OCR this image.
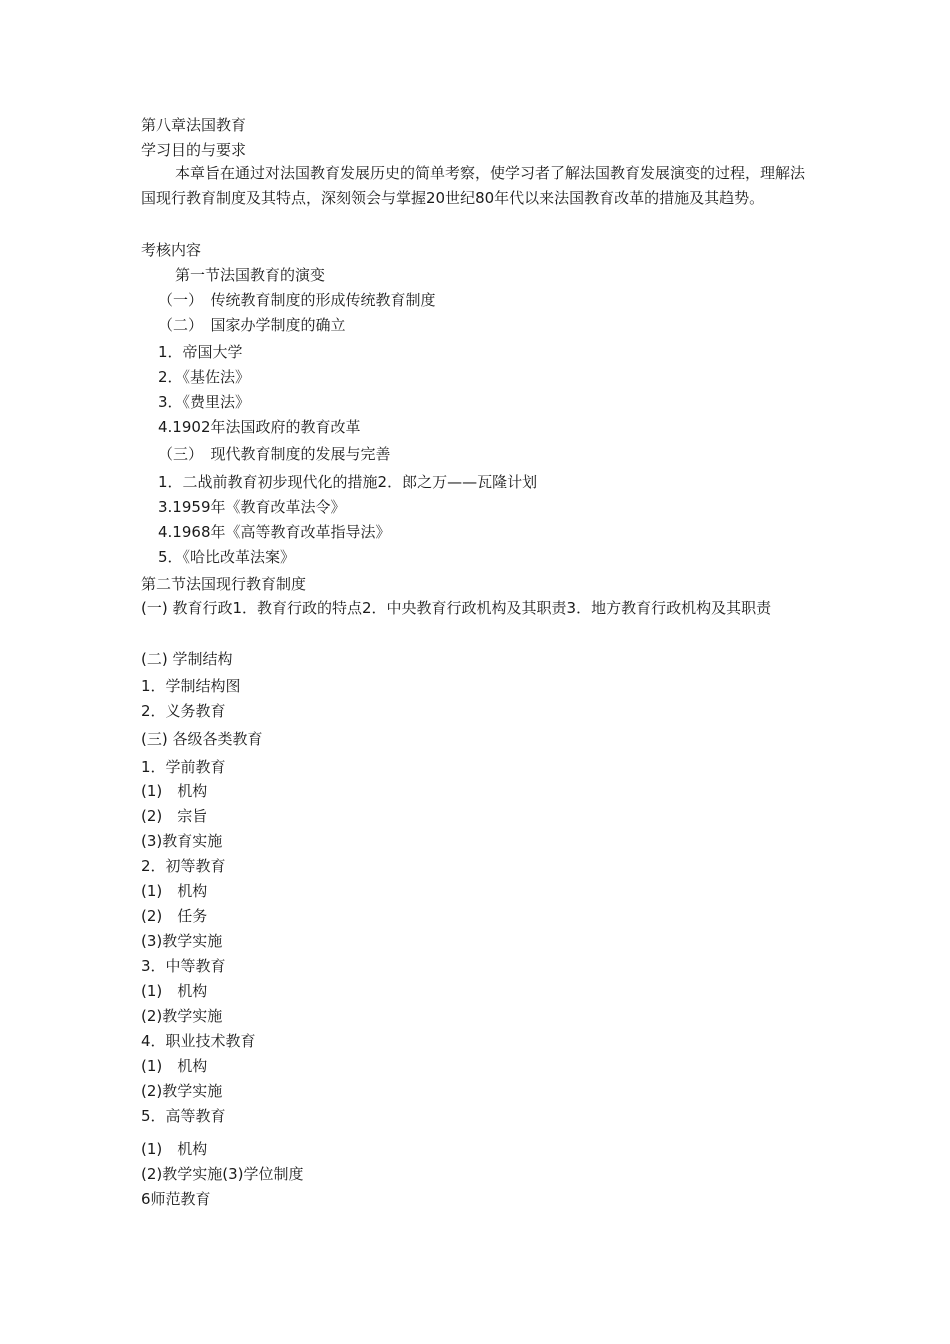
第八章法国教育
学习目的与要求
本章旨在通过对法国教育发展历史的简单考察，使学习者了解法国教育发展演变的过程，理解法国现行教育制度及其特点，深刻领会与掌握20世纪80年代以来法国教育改革的措施及其趋势。
考核内容
第一节法国教育的演变
（一）　传统教育制度的形成传统教育制度
（二）　国家办学制度的确立
1．帝国大学
2．《基佐法》
3．《费里法》
4.1902年法国政府的教育改革
（三）　现代教育制度的发展与完善
1．二战前教育初步现代化的措施2．郎之万——瓦隆计划
3.1959年《教育改革法令》
4.1968年《高等教育改革指导法》
5．《哈比改革法案》
第二节法国现行教育制度
(一) 教育行政1．教育行政的特点2．中央教育行政机构及其职责3．地方教育行政机构及其职责
(二) 学制结构
1．学制结构图
2．义务教育
(三) 各级各类教育
1．学前教育
(1)　机构
(2)　宗旨
(3)教育实施
2．初等教育
(1)　机构
(2)　任务
(3)教学实施
3．中等教育
(1)　机构
(2)教学实施
4．职业技术教育
(1)　机构
(2)教学实施
5．高等教育
(1)　机构
(2)教学实施(3)学位制度
6师范教育
